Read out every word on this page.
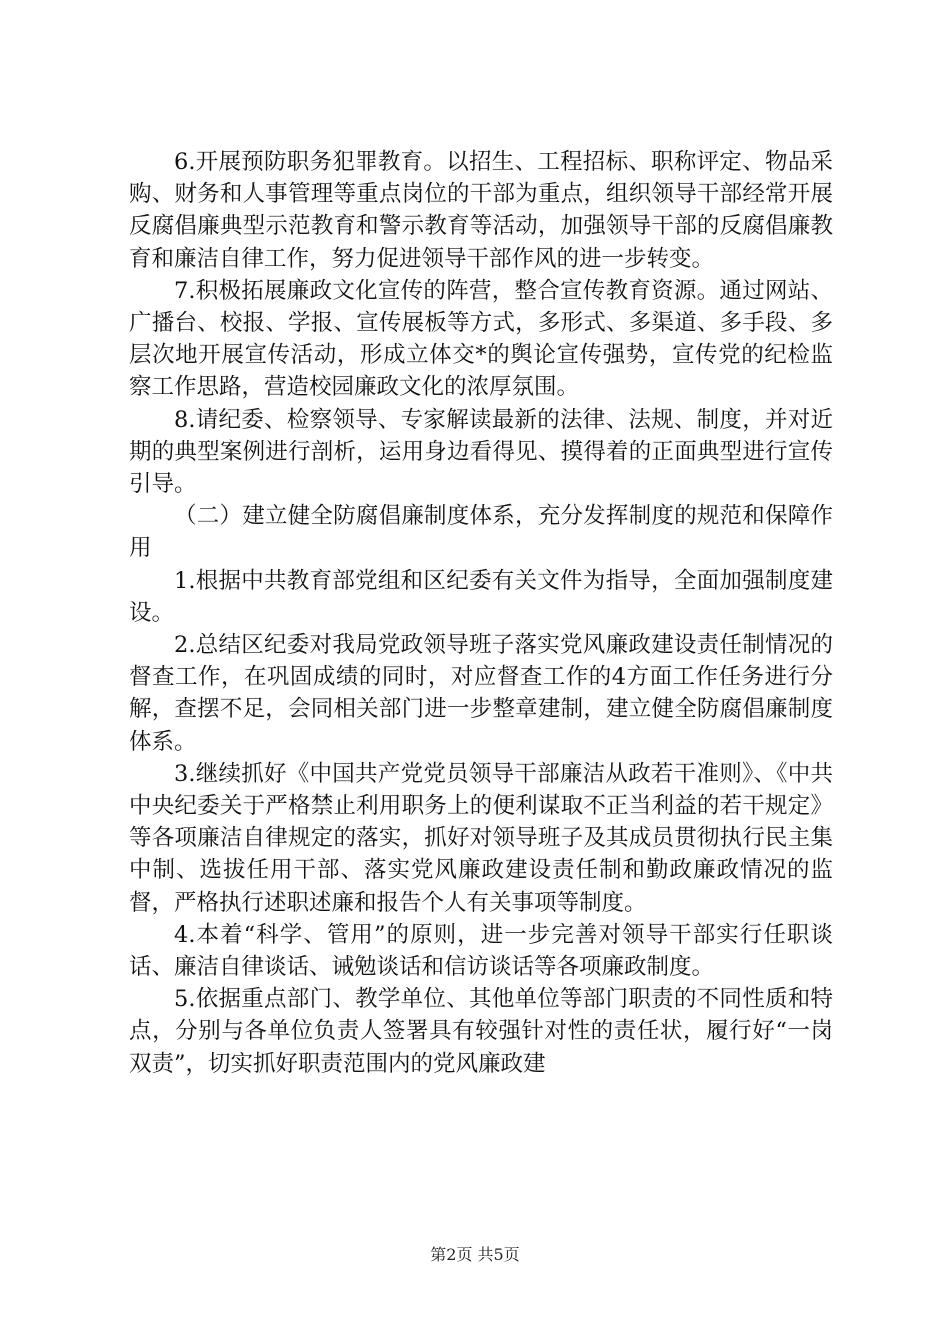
6.开展预防职务犯罪教育。以招生、工程招标、职称评定、物品采购、财务和人事管理等重点岗位的干部为重点，组织领导干部经常开展反腐倡廉典型示范教育和警示教育等活动，加强领导干部的反腐倡廉教育和廉洁自律工作，努力促进领导干部作风的进一步转变。

7.积极拓展廉政文化宣传的阵营，整合宣传教育资源。通过网站、广播台、校报、学报、宣传展板等方式，多形式、多渠道、多手段、多层次地开展宣传活动，形成立体交*的舆论宣传强势，宣传党的纪检监察工作思路，营造校园廉政文化的浓厚氛围。

8.请纪委、检察领导、专家解读最新的法律、法规、制度，并对近期的典型案例进行剖析，运用身边看得见、摸得着的正面典型进行宣传引导。

（二）建立健全防腐倡廉制度体系，充分发挥制度的规范和保障作用

1.根据中共教育部党组和区纪委有关文件为指导，全面加强制度建设。

2.总结区纪委对我局党政领导班子落实党风廉政建设责任制情况的督查工作，在巩固成绩的同时，对应督查工作的4方面工作任务进行分解，查摆不足，会同相关部门进一步整章建制，建立健全防腐倡廉制度体系。

3.继续抓好《中国共产党党员领导干部廉洁从政若干准则》、《中共中央纪委关于严格禁止利用职务上的便利谋取不正当利益的若干规定》等各项廉洁自律规定的落实，抓好对领导班子及其成员贯彻执行民主集中制、选拔任用干部、落实党风廉政建设责任制和勤政廉政情况的监督，严格执行述职述廉和报告个人有关事项等制度。

4.本着“科学、管用”的原则，进一步完善对领导干部实行任职谈话、廉洁自律谈话、诫勉谈话和信访谈话等各项廉政制度。

5.依据重点部门、教学单位、其他单位等部门职责的不同性质和特点，分别与各单位负责人签署具有较强针对性的责任状，履行好“一岗双责”，切实抓好职责范围内的党风廉政建

第2页 共5页
